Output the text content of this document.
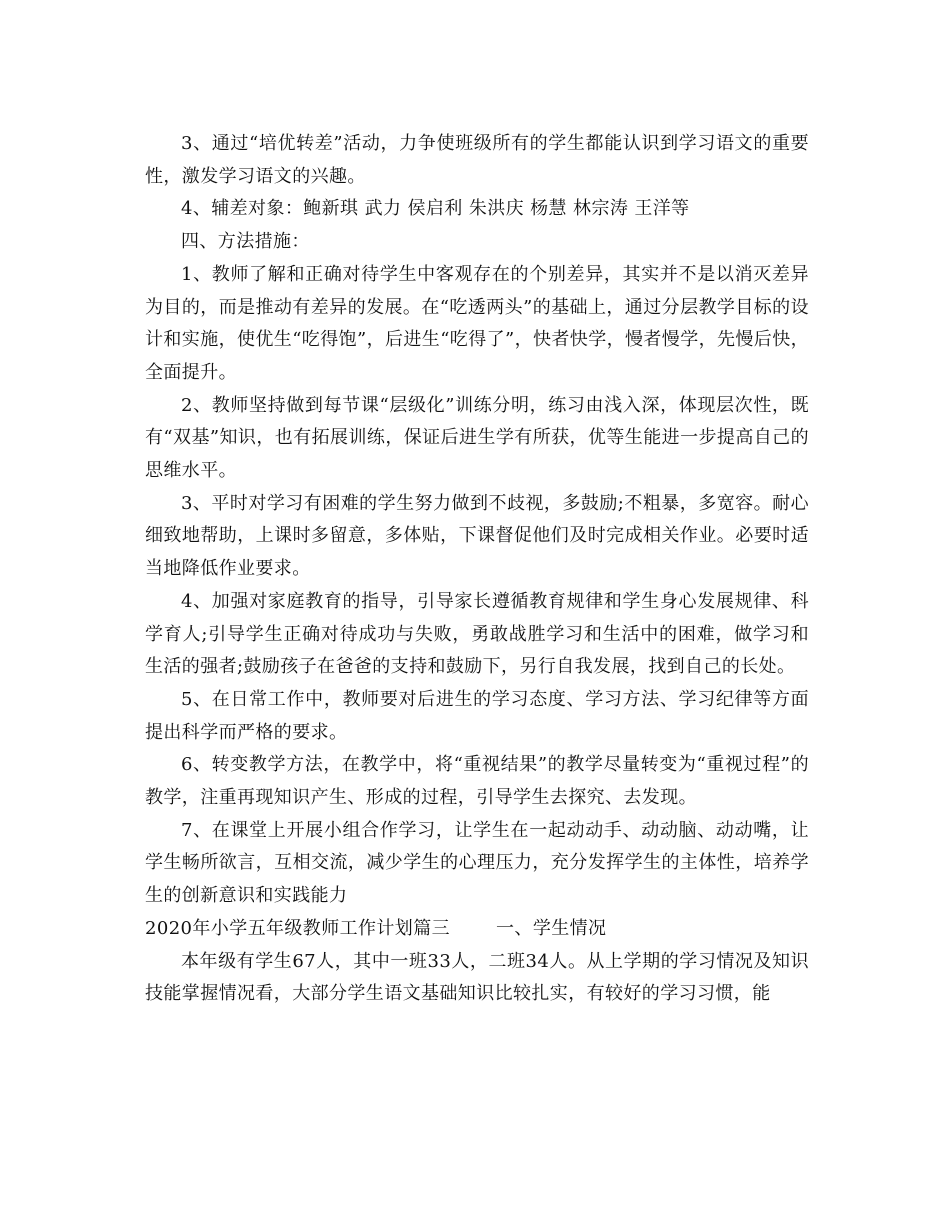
3、通过“培优转差”活动，力争使班级所有的学生都能认识到学习语文的重要性，激发学习语文的兴趣。

4、辅差对象：鲍新琪 武力 侯启利 朱洪庆 杨慧 林宗涛 王洋等

四、方法措施：

1、教师了解和正确对待学生中客观存在的个别差异，其实并不是以消灭差异为目的，而是推动有差异的发展。在“吃透两头”的基础上，通过分层教学目标的设计和实施，使优生“吃得饱”，后进生“吃得了”，快者快学，慢者慢学，先慢后快，全面提升。

2、教师坚持做到每节课“层级化”训练分明，练习由浅入深，体现层次性，既有“双基”知识，也有拓展训练，保证后进生学有所获，优等生能进一步提高自己的思维水平。

3、平时对学习有困难的学生努力做到不歧视，多鼓励;不粗暴，多宽容。耐心细致地帮助，上课时多留意，多体贴，下课督促他们及时完成相关作业。必要时适当地降低作业要求。

4、加强对家庭教育的指导，引导家长遵循教育规律和学生身心发展规律、科学育人;引导学生正确对待成功与失败，勇敢战胜学习和生活中的困难，做学习和生活的强者;鼓励孩子在爸爸的支持和鼓励下，另行自我发展，找到自己的长处。

5、在日常工作中，教师要对后进生的学习态度、学习方法、学习纪律等方面提出科学而严格的要求。

6、转变教学方法，在教学中，将“重视结果”的教学尽量转变为“重视过程”的教学，注重再现知识产生、形成的过程，引导学生去探究、去发现。

7、在课堂上开展小组合作学习，让学生在一起动动手、动动脑、动动嘴，让学生畅所欲言，互相交流，减少学生的心理压力，充分发挥学生的主体性，培养学生的创新意识和实践能力

2020年小学五年级教师工作计划篇三	一、学生情况

本年级有学生67人，其中一班33人，二班34人。从上学期的学习情况及知识技能掌握情况看，大部分学生语文基础知识比较扎实，有较好的学习习惯，能
